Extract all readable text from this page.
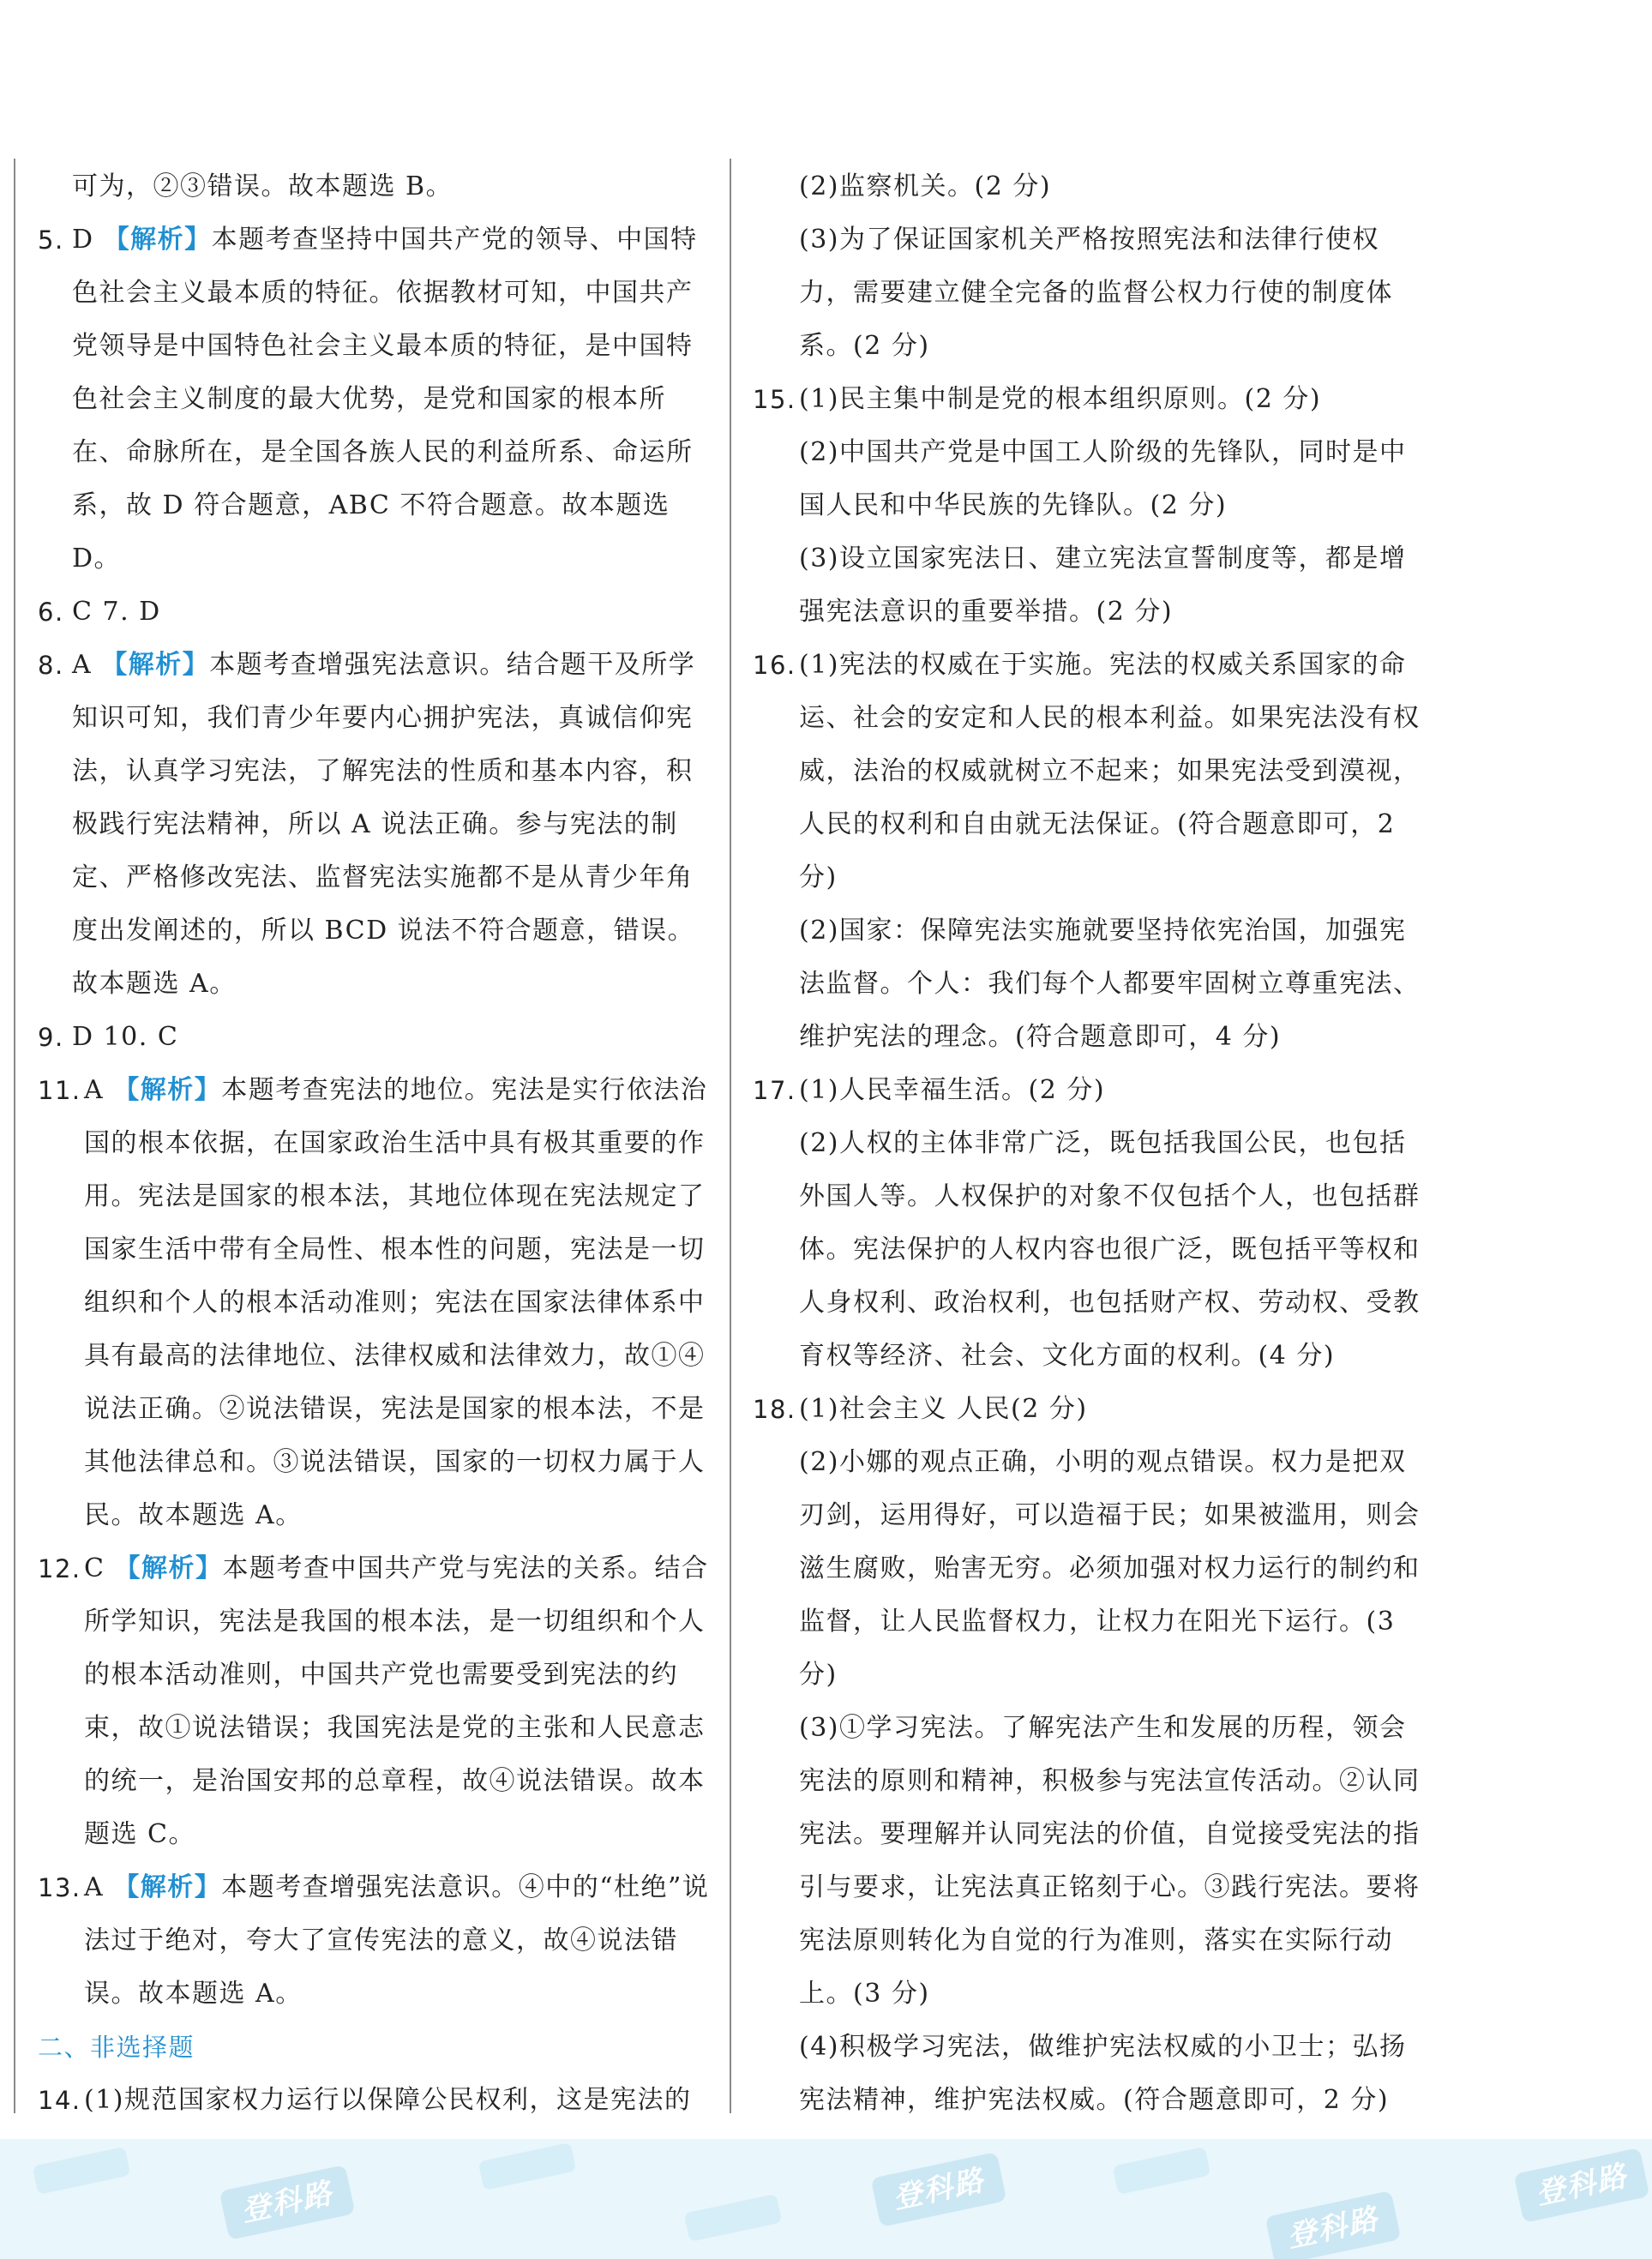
可为，②③错误。故本题选 B。
5. D 【解析】本题考查坚持中国共产党的领导、中国特色社会主义最本质的特征。依据教材可知，中国共产党领导是中国特色社会主义最本质的特征，是中国特色社会主义制度的最大优势，是党和国家的根本所在、命脉所在，是全国各族人民的利益所系、命运所系，故 D 符合题意，ABC 不符合题意。故本题选 D。
6. C 7. D
8. A 【解析】本题考查增强宪法意识。结合题干及所学知识可知，我们青少年要内心拥护宪法，真诚信仰宪法，认真学习宪法，了解宪法的性质和基本内容，积极践行宪法精神，所以 A 说法正确。参与宪法的制定、严格修改宪法、监督宪法实施都不是从青少年角度出发阐述的，所以 BCD 说法不符合题意，错误。故本题选 A。
9. D 10. C
11. A 【解析】本题考查宪法的地位。宪法是实行依法治国的根本依据，在国家政治生活中具有极其重要的作用。宪法是国家的根本法，其地位体现在宪法规定了国家生活中带有全局性、根本性的问题，宪法是一切组织和个人的根本活动准则；宪法在国家法律体系中具有最高的法律地位、法律权威和法律效力，故①④说法正确。②说法错误，宪法是国家的根本法，不是其他法律总和。③说法错误，国家的一切权力属于人民。故本题选 A。
12. C 【解析】本题考查中国共产党与宪法的关系。结合所学知识，宪法是我国的根本法，是一切组织和个人的根本活动准则，中国共产党也需要受到宪法的约束，故①说法错误；我国宪法是党的主张和人民意志的统一，是治国安邦的总章程，故④说法错误。故本题选 C。
13. A 【解析】本题考查增强宪法意识。④中的“杜绝”说法过于绝对，夸大了宣传宪法的意义，故④说法错误。故本题选 A。
二、非选择题
14. (1)规范国家权力运行以保障公民权利，这是宪法的
(2)监察机关。(2 分)
(3)为了保证国家机关严格按照宪法和法律行使权力，需要建立健全完备的监督公权力行使的制度体系。(2 分)
15. (1)民主集中制是党的根本组织原则。(2 分)
(2)中国共产党是中国工人阶级的先锋队，同时是中国人民和中华民族的先锋队。(2 分)
(3)设立国家宪法日、建立宪法宣誓制度等，都是增强宪法意识的重要举措。(2 分)
16. (1)宪法的权威在于实施。宪法的权威关系国家的命运、社会的安定和人民的根本利益。如果宪法没有权威，法治的权威就树立不起来；如果宪法受到漠视，人民的权利和自由就无法保证。(符合题意即可，2 分)
(2)国家：保障宪法实施就要坚持依宪治国，加强宪法监督。个人：我们每个人都要牢固树立尊重宪法、维护宪法的理念。(符合题意即可，4 分)
17. (1)人民幸福生活。(2 分)
(2)人权的主体非常广泛，既包括我国公民，也包括外国人等。人权保护的对象不仅包括个人，也包括群体。宪法保护的人权内容也很广泛，既包括平等权和人身权利、政治权利，也包括财产权、劳动权、受教育权等经济、社会、文化方面的权利。(4 分)
18. (1)社会主义 人民(2 分)
(2)小娜的观点正确，小明的观点错误。权力是把双刃剑，运用得好，可以造福于民；如果被滥用，则会滋生腐败，贻害无穷。必须加强对权力运行的制约和监督，让人民监督权力，让权力在阳光下运行。(3 分)
(3)①学习宪法。了解宪法产生和发展的历程，领会宪法的原则和精神，积极参与宪法宣传活动。②认同宪法。要理解并认同宪法的价值，自觉接受宪法的指引与要求，让宪法真正铭刻于心。③践行宪法。要将宪法原则转化为自觉的行为准则，落实在实际行动上。(3 分)
(4)积极学习宪法，做维护宪法权威的小卫士；弘扬宪法精神，维护宪法权威。(符合题意即可，2 分)
登科路	登科路
登科路
登科路
